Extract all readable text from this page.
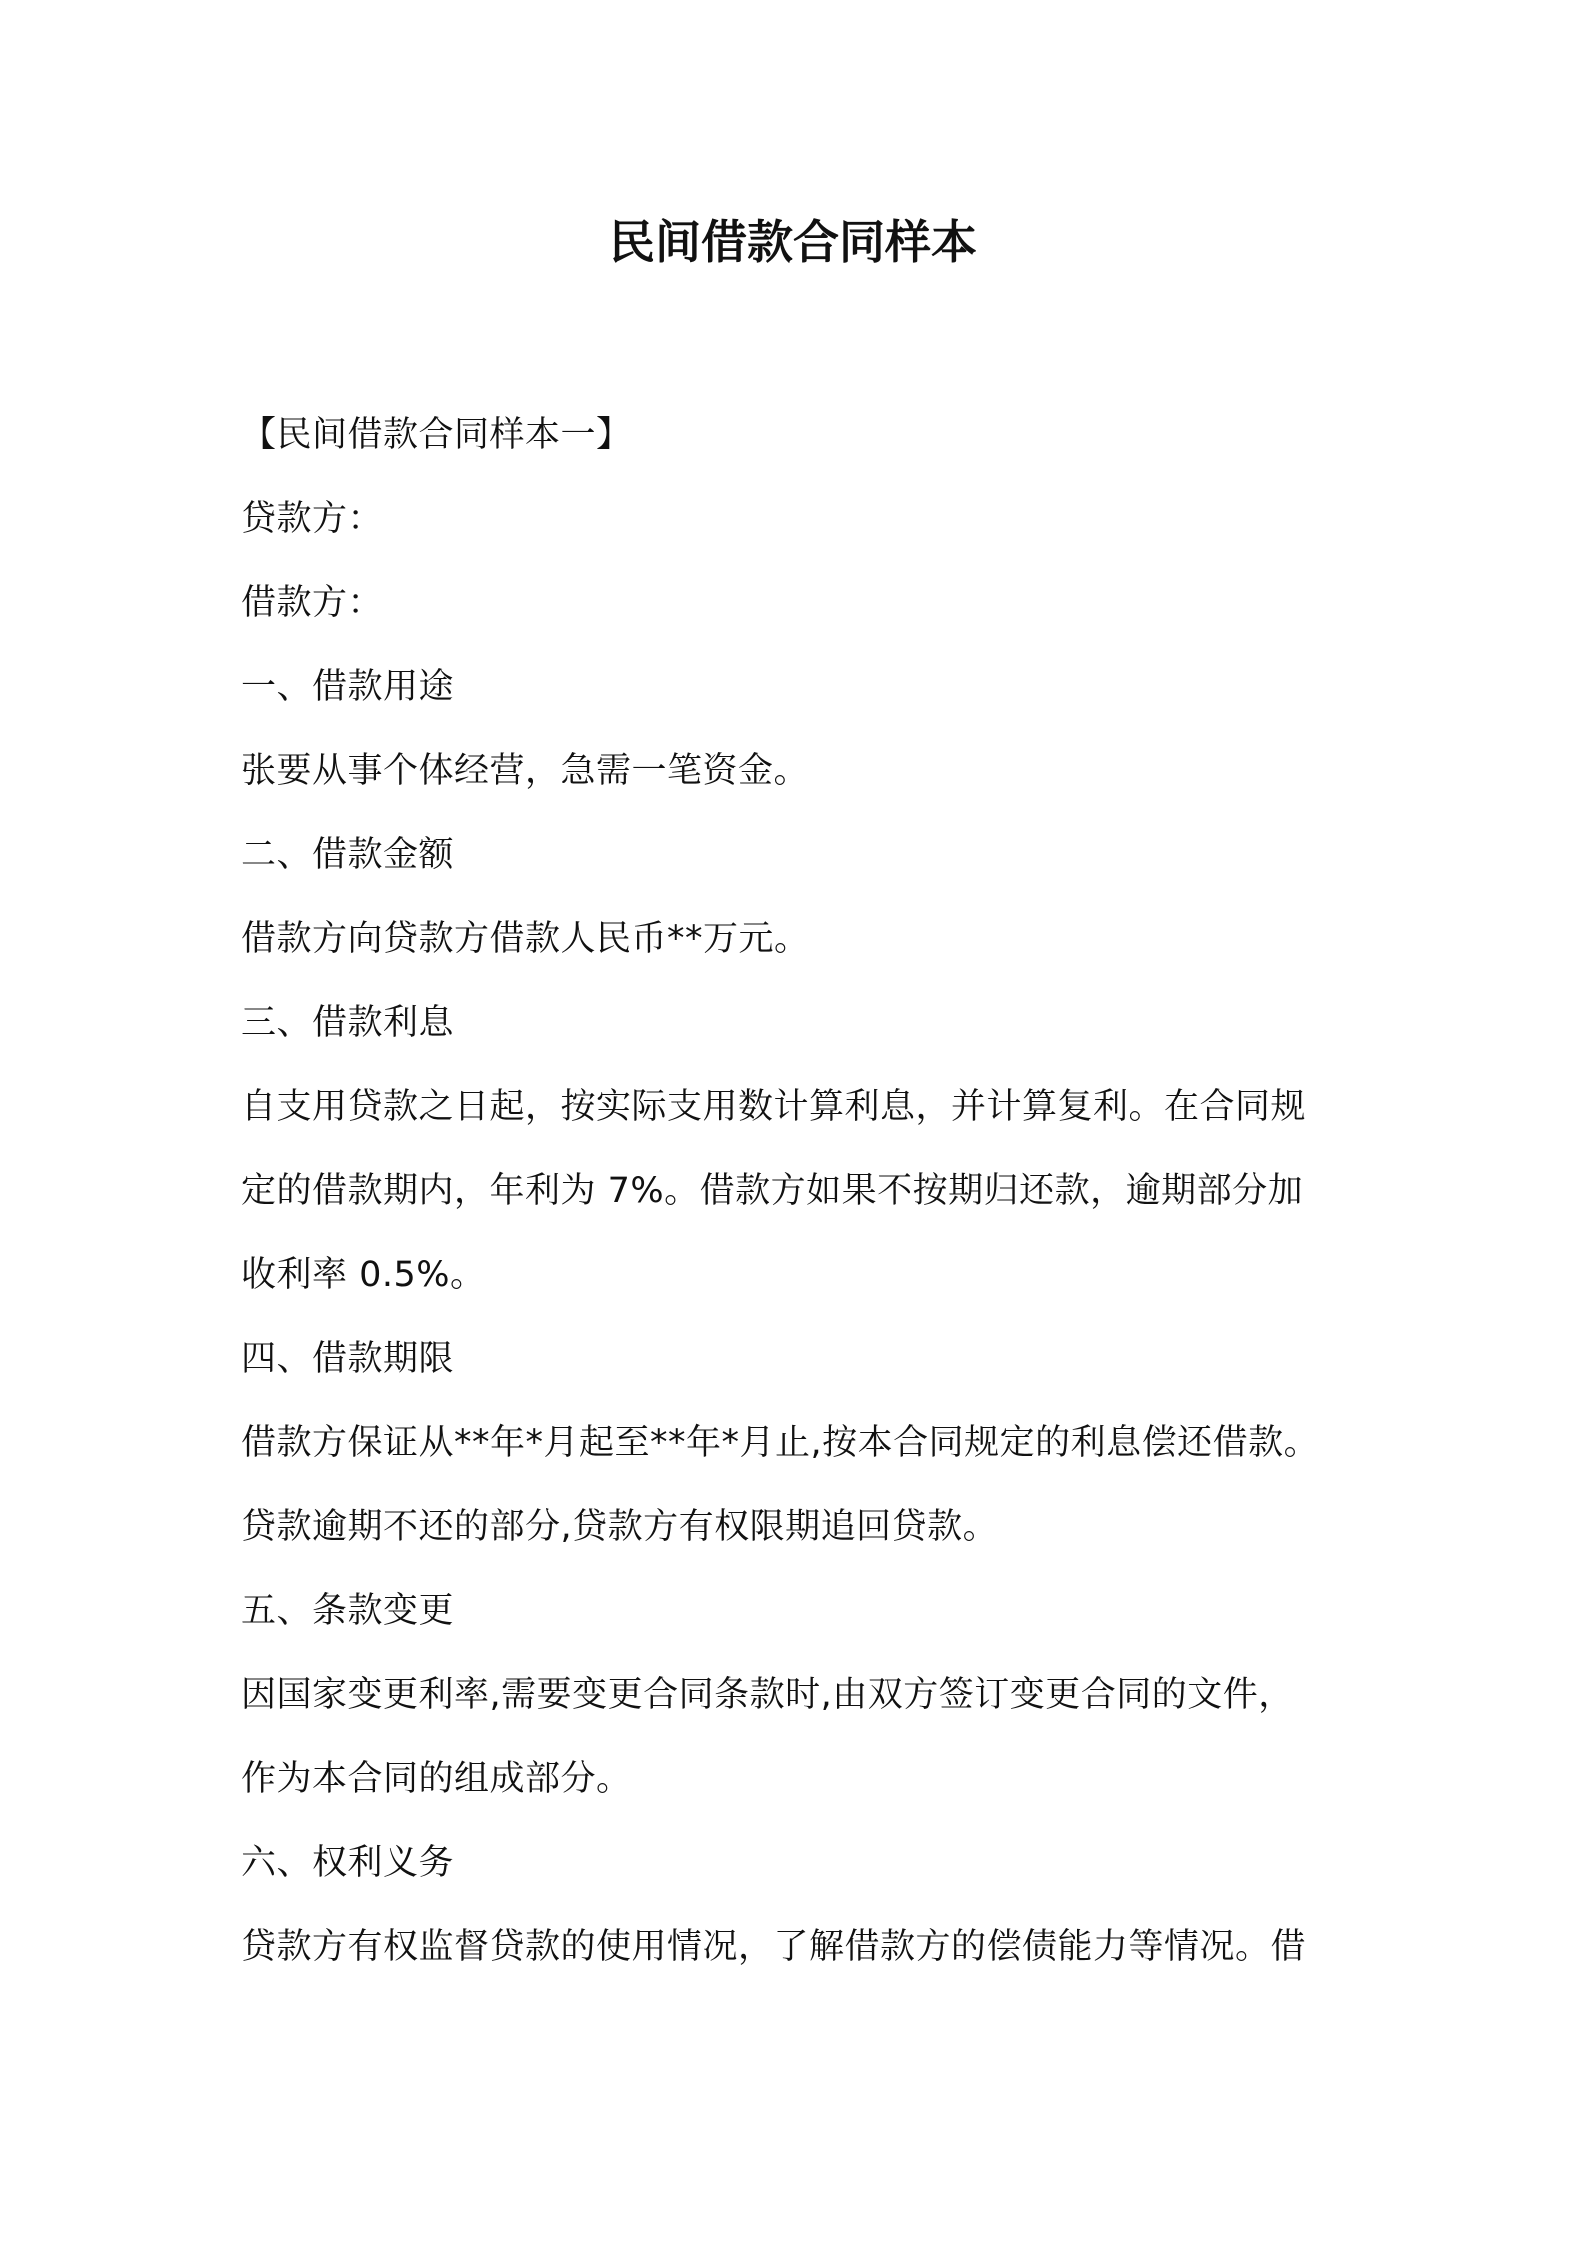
民间借款合同样本
【民间借款合同样本一】
贷款方：
借款方：
一、借款用途
张要从事个体经营，急需一笔资金。
二、借款金额
借款方向贷款方借款人民币**万元。
三、借款利息
自支用贷款之日起，按实际支用数计算利息，并计算复利。在合同规
定的借款期内，年利为 7%。借款方如果不按期归还款，逾期部分加
收利率 0.5%。
四、借款期限
借款方保证从**年*月起至**年*月止,按本合同规定的利息偿还借款。
贷款逾期不还的部分,贷款方有权限期追回贷款。
五、条款变更
因国家变更利率,需要变更合同条款时,由双方签订变更合同的文件，
作为本合同的组成部分。
六、权利义务
贷款方有权监督贷款的使用情况，了解借款方的偿债能力等情况。借
